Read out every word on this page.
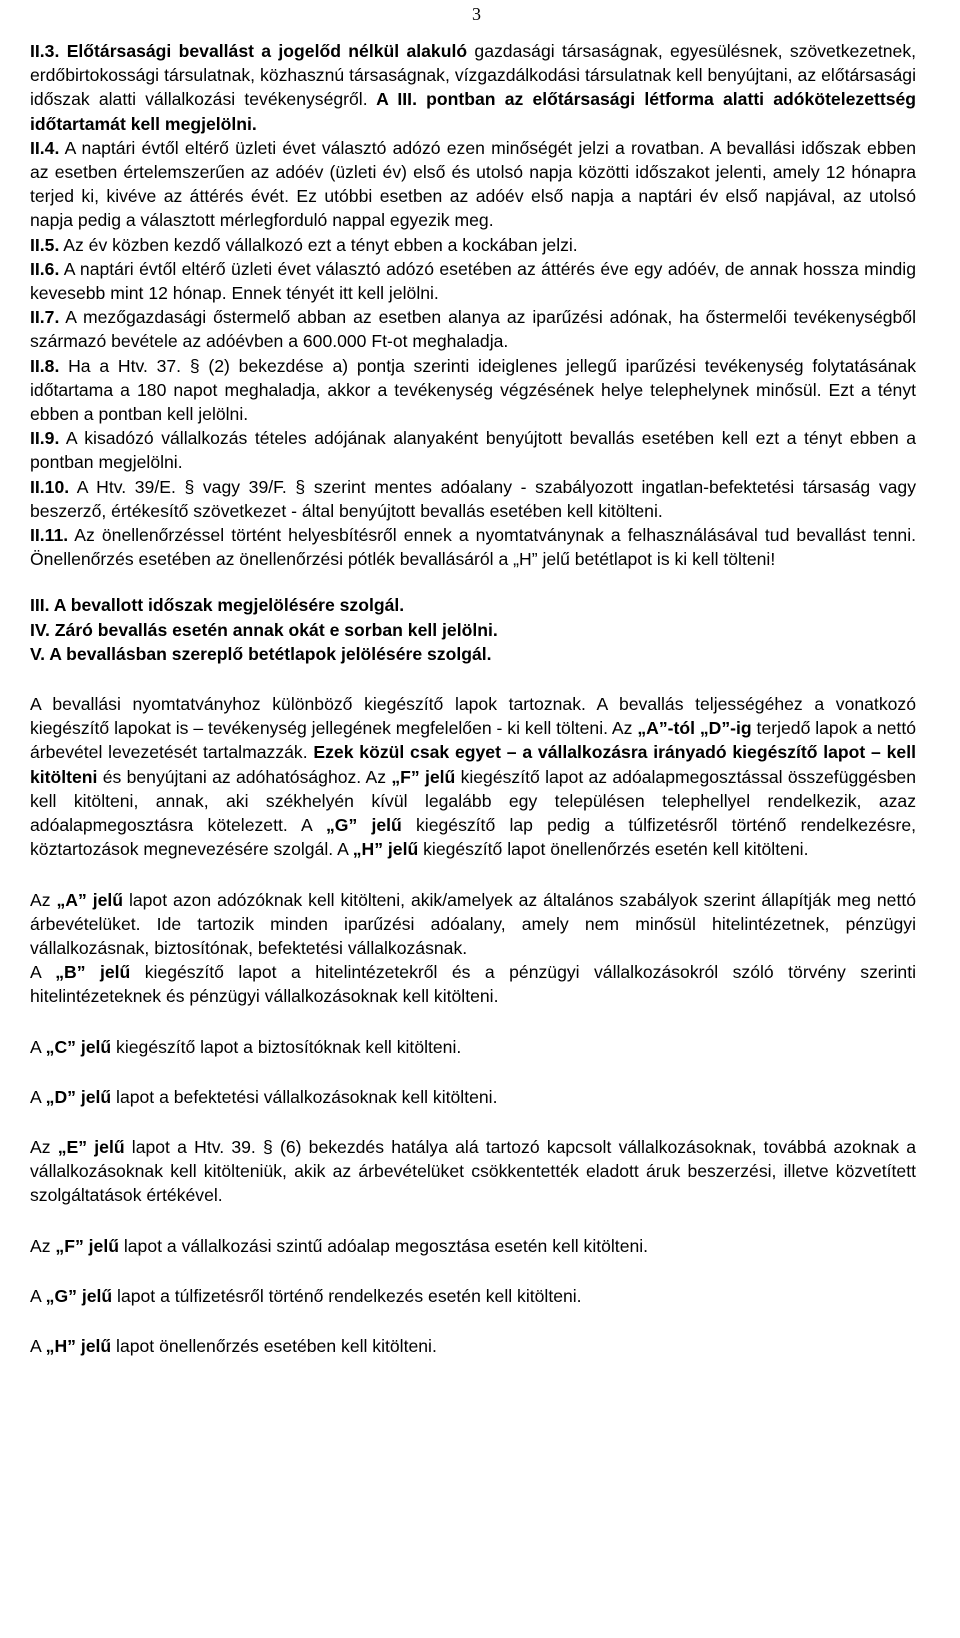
3

II.3. Előtársasági bevallást a jogelőd nélkül alakuló gazdasági társaságnak, egyesülésnek, szövetkezetnek, erdőbirtokossági társulatnak, közhasznú társaságnak, vízgazdálkodási társulatnak kell benyújtani, az előtársasági időszak alatti vállalkozási tevékenységről. A III. pontban az előtársasági létforma alatti adókötelezettség időtartamát kell megjelölni.

II.4. A naptári évtől eltérő üzleti évet választó adózó ezen minőségét jelzi a rovatban. A bevallási időszak ebben az esetben értelemszerűen az adóév (üzleti év) első és utolsó napja közötti időszakot jelenti, amely 12 hónapra terjed ki, kivéve az áttérés évét. Ez utóbbi esetben az adóév első napja a naptári év első napjával, az utolsó napja pedig a választott mérlegforduló nappal egyezik meg.

II.5. Az év közben kezdő vállalkozó ezt a tényt ebben a kockában jelzi.

II.6. A naptári évtől eltérő üzleti évet választó adózó esetében az áttérés éve egy adóév, de annak hossza mindig kevesebb mint 12 hónap. Ennek tényét itt kell jelölni.

II.7. A mezőgazdasági őstermelő abban az esetben alanya az iparűzési adónak, ha őstermelői tevékenységből származó bevétele az adóévben a 600.000 Ft-ot meghaladja.

II.8. Ha a Htv. 37. § (2) bekezdése a) pontja szerinti ideiglenes jellegű iparűzési tevékenység folytatásának időtartama a 180 napot meghaladja, akkor a tevékenység végzésének helye telephelynek minősül. Ezt a tényt ebben a pontban kell jelölni.

II.9. A kisadózó vállalkozás tételes adójának alanyaként benyújtott bevallás esetében kell ezt a tényt ebben a pontban megjelölni.

II.10. A Htv. 39/E. § vagy 39/F. § szerint mentes adóalany - szabályozott ingatlan-befektetési társaság vagy beszerző, értékesítő szövetkezet - által benyújtott bevallás esetében kell kitölteni.

II.11. Az önellenőrzéssel történt helyesbítésről ennek a nyomtatványnak a felhasználásával tud bevallást tenni. Önellenőrzés esetében az önellenőrzési pótlék bevallásáról a „H” jelű betétlapot is ki kell tölteni!

III. A bevallott időszak megjelölésére szolgál.

IV. Záró bevallás esetén annak okát e sorban kell jelölni.

V. A bevallásban szereplő betétlapok jelölésére szolgál.

A bevallási nyomtatványhoz különböző kiegészítő lapok tartoznak. A bevallás teljességéhez a vonatkozó kiegészítő lapokat is – tevékenység jellegének megfelelően - ki kell tölteni. Az „A”-tól „D”-ig terjedő lapok a nettó árbevétel levezetését tartalmazzák. Ezek közül csak egyet – a vállalkozásra irányadó kiegészítő lapot – kell kitölteni és benyújtani az adóhatósághoz. Az „F” jelű kiegészítő lapot az adóalapmegosztással összefüggésben kell kitölteni, annak, aki székhelyén kívül legalább egy településen telephellyel rendelkezik, azaz adóalapmegosztásra kötelezett. A „G” jelű kiegészítő lap pedig a túlfizetésről történő rendelkezésre, köztartozások megnevezésére szolgál. A „H” jelű kiegészítő lapot önellenőrzés esetén kell kitölteni.

Az „A” jelű lapot azon adózóknak kell kitölteni, akik/amelyek az általános szabályok szerint állapítják meg nettó árbevételüket. Ide tartozik minden iparűzési adóalany, amely nem minősül hitelintézetnek, pénzügyi vállalkozásnak, biztosítónak, befektetési vállalkozásnak.

A „B” jelű kiegészítő lapot a hitelintézetekről és a pénzügyi vállalkozásokról szóló törvény szerinti hitelintézeteknek és pénzügyi vállalkozásoknak kell kitölteni.

A „C” jelű kiegészítő lapot a biztosítóknak kell kitölteni.

A „D” jelű lapot a befektetési vállalkozásoknak kell kitölteni.

Az „E” jelű lapot a Htv. 39. § (6) bekezdés hatálya alá tartozó kapcsolt vállalkozásoknak, továbbá azoknak a vállalkozásoknak kell kitölteniük, akik az árbevételüket csökkentették eladott áruk beszerzési, illetve közvetített szolgáltatások értékével.

Az „F” jelű lapot a vállalkozási szintű adóalap megosztása esetén kell kitölteni.

A „G” jelű lapot a túlfizetésről történő rendelkezés esetén kell kitölteni.

A „H” jelű lapot önellenőrzés esetében kell kitölteni.
